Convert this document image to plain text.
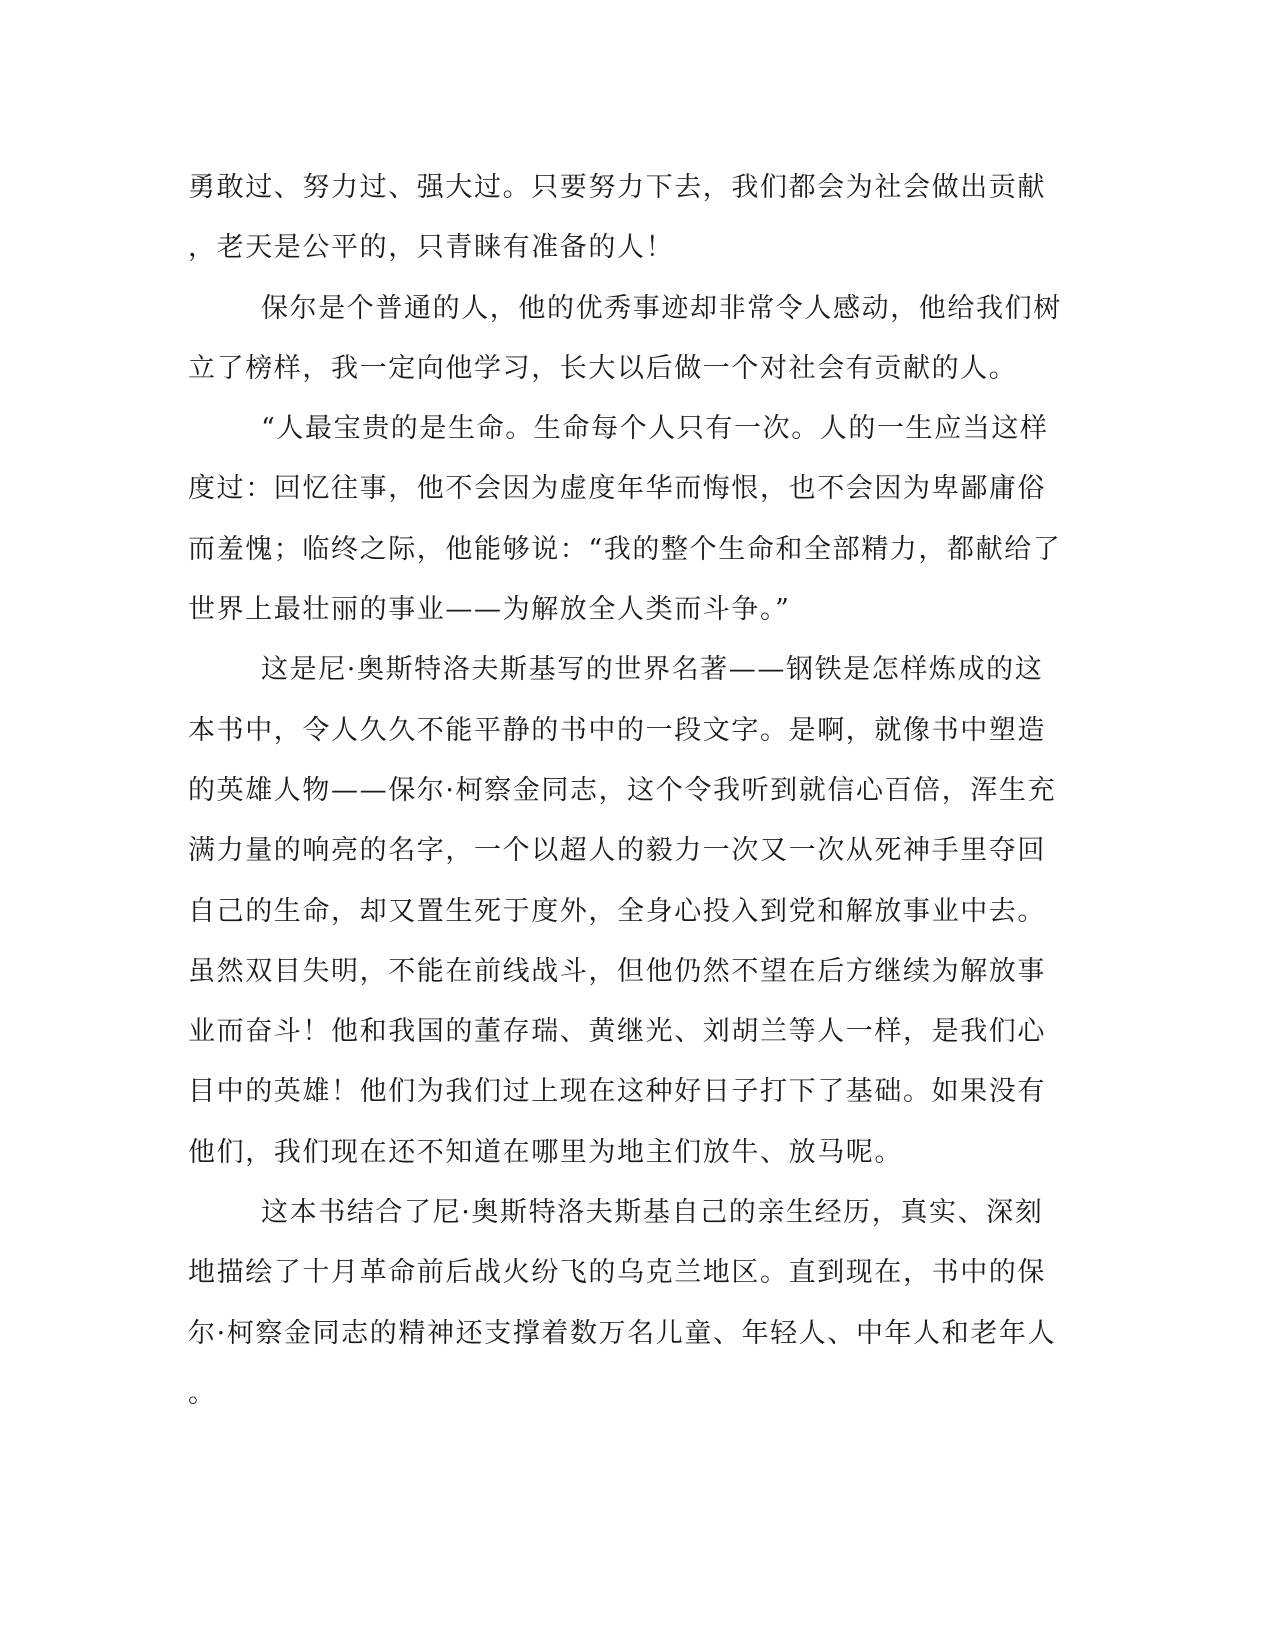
勇敢过、努力过、强大过。只要努力下去，我们都会为社会做出贡献
，老天是公平的，只青睐有准备的人！
保尔是个普通的人，他的优秀事迹却非常令人感动，他给我们树
立了榜样，我一定向他学习，长大以后做一个对社会有贡献的人。
“人最宝贵的是生命。生命每个人只有一次。人的一生应当这样
度过：回忆往事，他不会因为虚度年华而悔恨，也不会因为卑鄙庸俗
而羞愧；临终之际，他能够说：“我的整个生命和全部精力，都献给了
世界上最壮丽的事业——为解放全人类而斗争。”
这是尼·奥斯特洛夫斯基写的世界名著——钢铁是怎样炼成的这
本书中，令人久久不能平静的书中的一段文字。是啊，就像书中塑造
的英雄人物——保尔·柯察金同志，这个令我听到就信心百倍，浑生充
满力量的响亮的名字，一个以超人的毅力一次又一次从死神手里夺回
自己的生命，却又置生死于度外，全身心投入到党和解放事业中去。
虽然双目失明，不能在前线战斗，但他仍然不望在后方继续为解放事
业而奋斗！他和我国的董存瑞、黄继光、刘胡兰等人一样，是我们心
目中的英雄！他们为我们过上现在这种好日子打下了基础。如果没有
他们，我们现在还不知道在哪里为地主们放牛、放马呢。
这本书结合了尼·奥斯特洛夫斯基自己的亲生经历，真实、深刻
地描绘了十月革命前后战火纷飞的乌克兰地区。直到现在，书中的保
尔·柯察金同志的精神还支撑着数万名儿童、年轻人、中年人和老年人
。
